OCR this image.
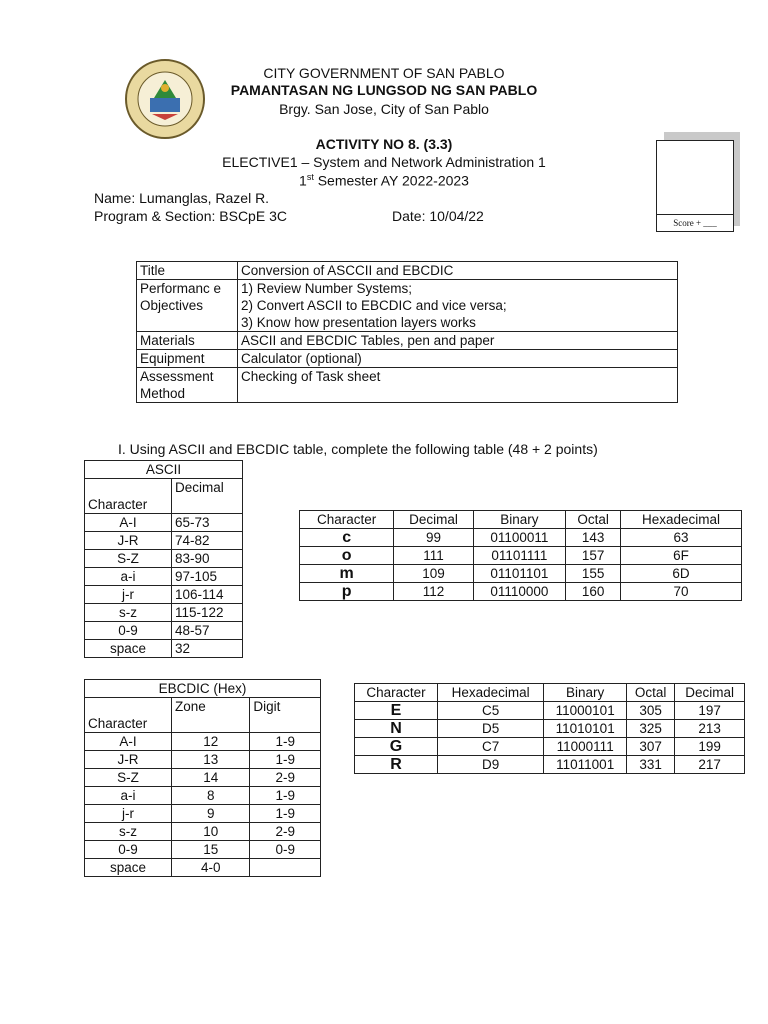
CITY GOVERNMENT OF SAN PABLO
PAMANTASAN NG LUNGSOD NG SAN PABLO
Brgy. San Jose, City of San Pablo
ACTIVITY NO 8. (3.3)
ELECTIVE1 – System and Network Administration 1
1st Semester AY 2022-2023
Name: Lumanglas, Razel R.
Program & Section: BSCpE 3C	Date: 10/04/22	Score + ___
Title	Conversion of ASCCII and EBCDIC

Performanc e Objectives	1) Review Number Systems;
2) Convert ASCII to EBCDIC and vice versa;
3) Know how presentation layers works

Materials	ASCII and EBCDIC Tables, pen and paper

Equipment	Calculator (optional)

Assessment Method	Checking of Task sheet
I. Using ASCII and EBCDIC table, complete the following table (48 + 2 points)
ASCII	
Character	Decimal
A-I	65-73
J-R	74-82
S-Z	83-90
a-i	97-105
j-r	106-114
s-z	115-122
0-9	48-57
space	32
Character	Decimal	Binary	Octal	Hexadecimal
c	99	01100011	143	63
o	111	01101111	157	6F
m	109	01101101	155	6D
p	112	01110000	160	70
EBCDIC (Hex)		
Character	Zone	Digit
A-I	12	1-9
J-R	13	1-9
S-Z	14	2-9
a-i	8	1-9
j-r	9	1-9
s-z	10	2-9
0-9	15	0-9
space	4-0	
Character	Hexadecimal	Binary	Octal	Decimal
E	C5	11000101	305	197
N	D5	11010101	325	213
G	C7	11000111	307	199
R	D9	11011001	331	217
